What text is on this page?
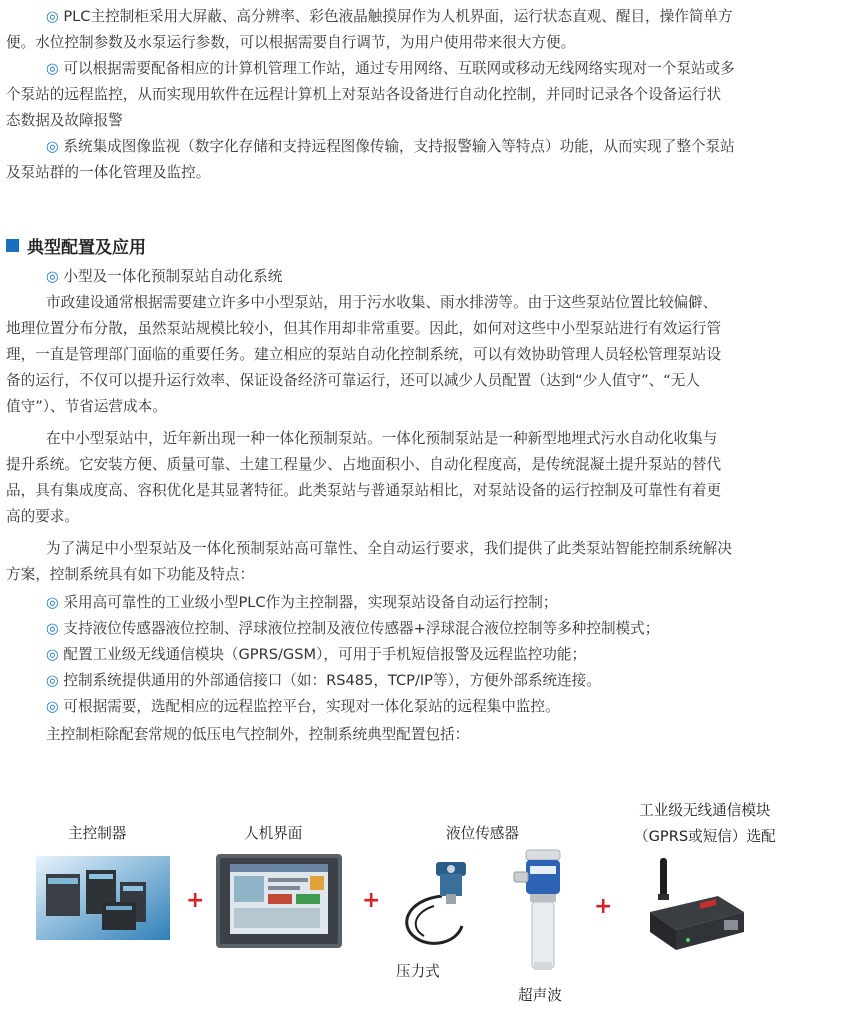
◎ PLC主控制柜采用大屏蔽、高分辨率、彩色液晶触摸屏作为人机界面，运行状态直观、醒目，操作简单方
便。水位控制参数及水泵运行参数，可以根据需要自行调节，为用户使用带来很大方便。

◎ 可以根据需要配备相应的计算机管理工作站，通过专用网络、互联网或移动无线网络实现对一个泵站或多
个泵站的远程监控，从而实现用软件在远程计算机上对泵站各设备进行自动化控制，并同时记录各个设备运行状
态数据及故障报警

◎ 系统集成图像监视（数字化存储和支持远程图像传输，支持报警输入等特点）功能，从而实现了整个泵站
及泵站群的一体化管理及监控。

典型配置及应用

◎ 小型及一体化预制泵站自动化系统

市政建设通常根据需要建立许多中小型泵站，用于污水收集、雨水排涝等。由于这些泵站位置比较偏僻、
地理位置分布分散，虽然泵站规模比较小，但其作用却非常重要。因此，如何对这些中小型泵站进行有效运行管
理，一直是管理部门面临的重要任务。建立相应的泵站自动化控制系统，可以有效协助管理人员轻松管理泵站设
备的运行，不仅可以提升运行效率、保证设备经济可靠运行，还可以减少人员配置（达到“少人值守”、“无人
值守”）、节省运营成本。

在中小型泵站中，近年新出现一种一体化预制泵站。一体化预制泵站是一种新型地埋式污水自动化收集与
提升系统。它安装方便、质量可靠、土建工程量少、占地面积小、自动化程度高，是传统混凝土提升泵站的替代
品，具有集成度高、容积优化是其显著特征。此类泵站与普通泵站相比，对泵站设备的运行控制及可靠性有着更
高的要求。

为了满足中小型泵站及一体化预制泵站高可靠性、全自动运行要求，我们提供了此类泵站智能控制系统解决
方案，控制系统具有如下功能及特点：

◎ 采用高可靠性的工业级小型PLC作为主控制器，实现泵站设备自动运行控制；

◎ 支持液位传感器液位控制、浮球液位控制及液位传感器+浮球混合液位控制等多种控制模式；

◎ 配置工业级无线通信模块（GPRS/GSM），可用于手机短信报警及远程监控功能；

◎ 控制系统提供通用的外部通信接口（如：RS485，TCP/IP等），方便外部系统连接。

◎ 可根据需要，选配相应的远程监控平台，实现对一体化泵站的远程集中监控。

主控制柜除配套常规的低压电气控制外，控制系统典型配置包括：

主控制器	人机界面	液位传感器
工业级无线通信模块
（GPRS或短信）选配
+	+
压力式
超声波
+
